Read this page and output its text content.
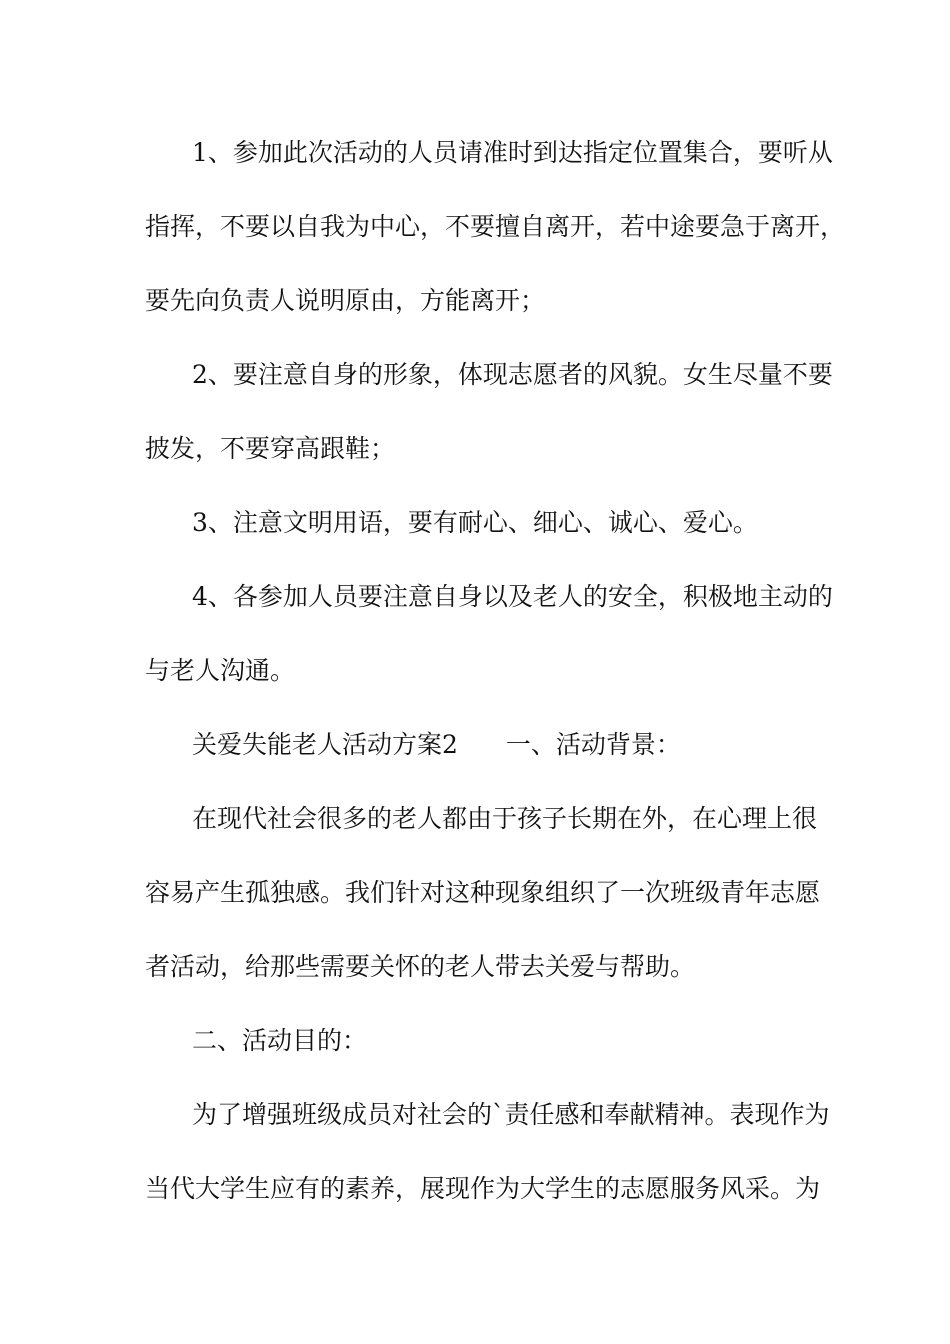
1、参加此次活动的人员请准时到达指定位置集合，要听从

指挥，不要以自我为中心，不要擅自离开，若中途要急于离开，

要先向负责人说明原由，方能离开；

2、要注意自身的形象，体现志愿者的风貌。女生尽量不要

披发，不要穿高跟鞋；

3、注意文明用语，要有耐心、细心、诚心、爱心。

4、各参加人员要注意自身以及老人的安全，积极地主动的

与老人沟通。

关爱失能老人活动方案2 一、活动背景：

在现代社会很多的老人都由于孩子长期在外，在心理上很

容易产生孤独感。我们针对这种现象组织了一次班级青年志愿

者活动，给那些需要关怀的老人带去关爱与帮助。

二、活动目的：

为了增强班级成员对社会的`责任感和奉献精神。表现作为

当代大学生应有的素养，展现作为大学生的志愿服务风采。为
